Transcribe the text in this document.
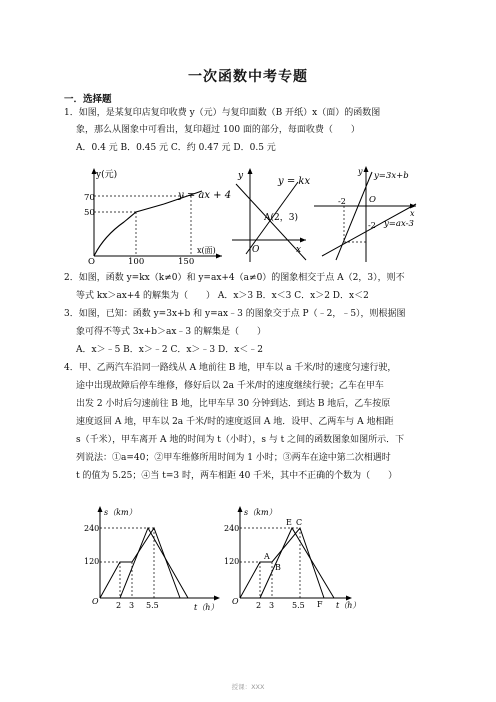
一次函数中考专题
一．选择题
1．如图，是某复印店复印收费 y（元）与复印面数（B 开纸）x（面）的函数图
象，那么从图象中可看出，复印超过 100 面的部分，每面收费（　　）
A．0.4 元 B．0.45 元 C．约 0.47 元 D．0.5 元
y(元)
x(面)
70
50
O	100	150
y = ax + 4
y
x
O
A(2，3)
y = kx
y
x
O
-2
-2
y=3x+b
y=ax-3
2．如图，函数 y=kx（k≠0）和 y=ax+4（a≠0）的图象相交于点 A（2，3），则不
等式 kx＞ax+4 的解集为（　　） A．x＞3 B．x＜3 C．x＞2 D．x＜2
3．如图，已知：函数 y=3x+b 和 y=ax﹣3 的图象交于点 P（﹣2，﹣5），则根据图
象可得不等式 3x+b＞ax﹣3 的解集是（　　）
A．x＞﹣5 B．x＞﹣2 C．x＞﹣3 D．x＜﹣2
4．甲、乙两汽车沿同一路线从 A 地前往 B 地，甲车以 a 千米/时的速度匀速行驶，
途中出现故障后停车维修，修好后以 2a 千米/时的速度继续行驶；乙车在甲车
出发 2 小时后匀速前往 B 地，比甲车早 30 分钟到达．到达 B 地后，乙车按原
速度返回 A 地，甲车以 2a 千米/时的速度返回 A 地．设甲、乙两车与 A 地相距
s（千米），甲车离开 A 地的时间为 t（小时），s 与 t 之间的函数图象如图所示．下
列说法：①a=40；②甲车维修所用时间为 1 小时；③两车在途中第二次相遇时
t 的值为 5.25；④当 t=3 时，两车相距 40 千米，其中不正确的个数为（　　）
s（km）
t（h）
O
240
120
2 3 5.5
s（km）
t（h）
O
240
120
2 3 5.5
A
B
E C
F
授课：XXX
